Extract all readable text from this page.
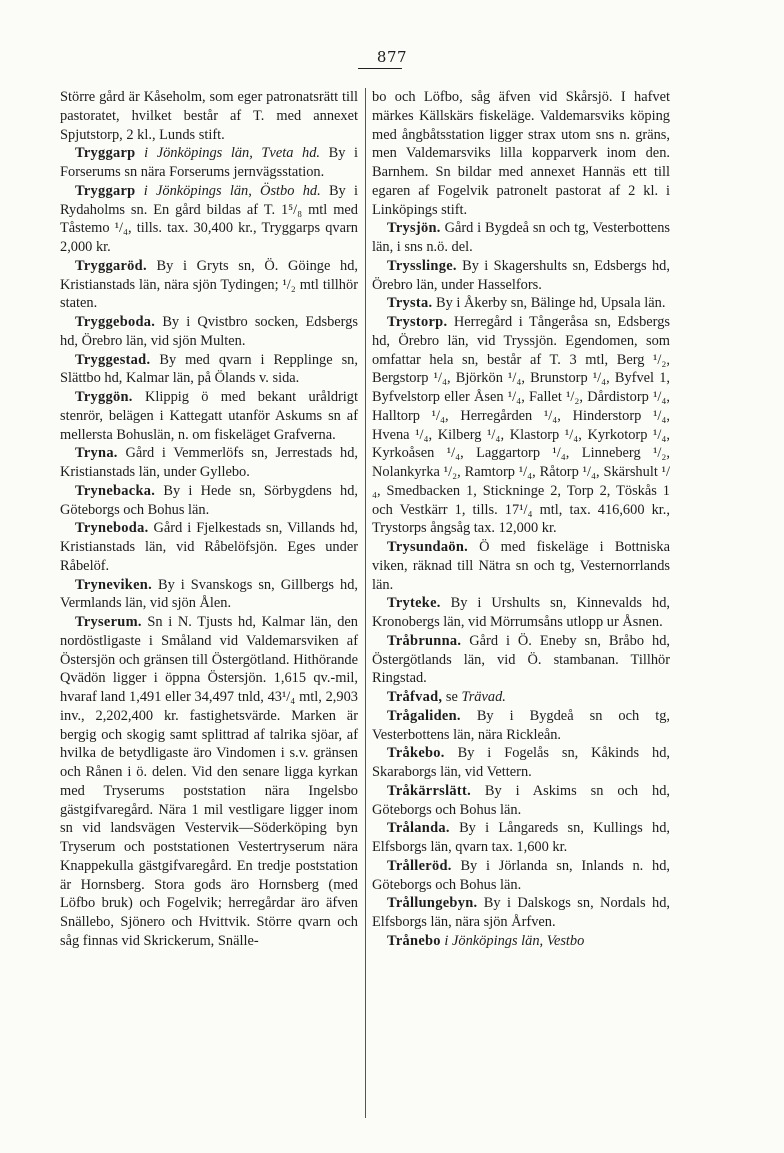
877

Större gård är Kåseholm, som eger patronatsrätt till pastoratet, hvilket består af T. med annexet Spjutstorp, 2 kl., Lunds stift.

Tryggarp i Jönköpings län, Tveta hd. By i Forserums sn nära Forserums jernvägsstation.

Tryggarp i Jönköpings län, Östbo hd. By i Rydaholms sn. En gård bildas af T. 1⁵/₈ mtl med Tåstemo ¹/₄, tills. tax. 30,400 kr., Tryggarps qvarn 2,000 kr.

Tryggaröd. By i Gryts sn, Ö. Göinge hd, Kristianstads län, nära sjön Tydingen; ¹/₂ mtl tillhör staten.

Tryggeboda. By i Qvistbro socken, Edsbergs hd, Örebro län, vid sjön Multen.

Tryggestad. By med qvarn i Repplinge sn, Slättbo hd, Kalmar län, på Ölands v. sida.

Tryggön. Klippig ö med bekant uråldrigt stenrör, belägen i Kattegatt utanför Askums sn af mellersta Bohuslän, n. om fiskeläget Grafverna.

Tryna. Gård i Vemmerlöfs sn, Jerrestads hd, Kristianstads län, under Gyllebo.

Trynebacka. By i Hede sn, Sörbygdens hd, Göteborgs och Bohus län.

Tryneboda. Gård i Fjelkestads sn, Villands hd, Kristianstads län, vid Råbelöfsjön. Eges under Råbelöf.

Tryneviken. By i Svanskogs sn, Gillbergs hd, Vermlands län, vid sjön Ålen.

Tryserum. Sn i N. Tjusts hd, Kalmar län, den nordöstligaste i Småland vid Valdemarsviken af Östersjön och gränsen till Östergötland. Hithörande Qvädön ligger i öppna Östersjön. 1,615 qv.-mil, hvaraf land 1,491 eller 34,497 tnld, 43¹/₄ mtl, 2,903 inv., 2,202,400 kr. fastighetsvärde. Marken är bergig och skogig samt splittrad af talrika sjöar, af hvilka de betydligaste äro Vindomen i s.v. gränsen och Rånen i ö. delen. Vid den senare ligga kyrkan med Tryserums poststation nära Ingelsbo gästgifvaregård. Nära 1 mil vestligare ligger inom sn vid landsvägen Vestervik—Söderköping byn Tryserum och poststationen Vestertryserum nära Knappekulla gästgifvaregård. En tredje poststation är Hornsberg. Stora gods äro Hornsberg (med Löfbo bruk) och Fogelvik; herregårdar äro äfven Snällebo, Sjönero och Hvittvik. Större qvarn och såg finnas vid Skrickerum, Snälle-

bo och Löfbo, såg äfven vid Skårsjö. I hafvet märkes Källskärs fiskeläge. Valdemarsviks köping med ångbåtsstation ligger strax utom sns n. gräns, men Valdemarsviks lilla kopparverk inom den. Barnhem. Sn bildar med annexet Hannäs ett till egaren af Fogelvik patronelt pastorat af 2 kl. i Linköpings stift.

Trysjön. Gård i Bygdeå sn och tg, Vesterbottens län, i sns n.ö. del.

Trysslinge. By i Skagershults sn, Edsbergs hd, Örebro län, under Hasselfors.

Trysta. By i Åkerby sn, Bälinge hd, Upsala län.

Trystorp. Herregård i Tångeråsa sn, Edsbergs hd, Örebro län, vid Tryssjön. Egendomen, som omfattar hela sn, består af T. 3 mtl, Berg ¹/₂, Bergstorp ¹/₄, Björkön ¹/₄, Brunstorp ¹/₄, Byfvel 1, Byfvelstorp eller Åsen ¹/₄, Fallet ¹/₂, Dårdistorp ¹/₄, Halltorp ¹/₄, Herregården ¹/₄, Hinderstorp ¹/₄, Hvena ¹/₄, Kilberg ¹/₄, Klastorp ¹/₄, Kyrkotorp ¹/₄, Kyrkoåsen ¹/₄, Laggartorp ¹/₄, Linneberg ¹/₂, Nolankyrka ¹/₂, Ramtorp ¹/₄, Råtorp ¹/₄, Skärshult ¹/₄, Smedbacken 1, Stickninge 2, Torp 2, Töskås 1 och Vestkärr 1, tills. 17¹/₄ mtl, tax. 416,600 kr., Trystorps ångsåg tax. 12,000 kr.

Trysundaön. Ö med fiskeläge i Bottniska viken, räknad till Nätra sn och tg, Vesternorrlands län.

Tryteke. By i Urshults sn, Kinnevalds hd, Kronobergs län, vid Mörrumsåns utlopp ur Åsnen.

Tråbrunna. Gård i Ö. Eneby sn, Bråbo hd, Östergötlands län, vid Ö. stambanan. Tillhör Ringstad.

Tråfvad, se Trävad.

Trågaliden. By i Bygdeå sn och tg, Vesterbottens län, nära Rickleån.

Tråkebo. By i Fogelås sn, Kåkinds hd, Skaraborgs län, vid Vettern.

Tråkärrslätt. By i Askims sn och hd, Göteborgs och Bohus län.

Trålanda. By i Långareds sn, Kullings hd, Elfsborgs län, qvarn tax. 1,600 kr.

Trålleröd. By i Jörlanda sn, Inlands n. hd, Göteborgs och Bohus län.

Trållungebyn. By i Dalskogs sn, Nordals hd, Elfsborgs län, nära sjön Årfven.

Trånebo i Jönköpings län, Vestbo
